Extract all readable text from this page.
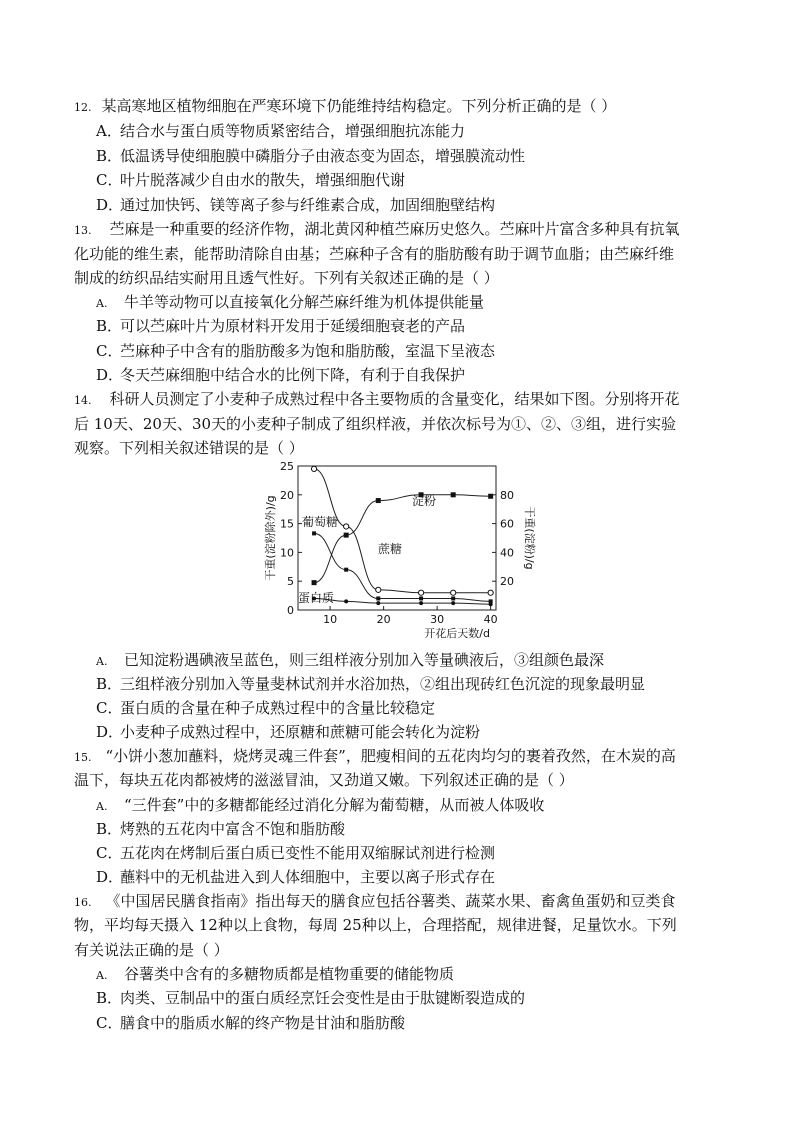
12. 某高寒地区植物细胞在严寒环境下仍能维持结构稳定。下列分析正确的是（ ）
A．结合水与蛋白质等物质紧密结合，增强细胞抗冻能力
B．低温诱导使细胞膜中磷脂分子由液态变为固态，增强膜流动性
C．叶片脱落减少自由水的散失，增强细胞代谢
D．通过加快钙、镁等离子参与纤维素合成，加固细胞壁结构
13. 苎麻是一种重要的经济作物，湖北黄冈种植苎麻历史悠久。苎麻叶片富含多种具有抗氧
化功能的维生素，能帮助清除自由基；苎麻种子含有的脂肪酸有助于调节血脂；由苎麻纤维
制成的纺织品结实耐用且透气性好。下列有关叙述正确的是（ ）
A. 牛羊等动物可以直接氧化分解苎麻纤维为机体提供能量
B．可以苎麻叶片为原材料开发用于延缓细胞衰老的产品
C．苎麻种子中含有的脂肪酸多为饱和脂肪酸，室温下呈液态
D．冬天苎麻细胞中结合水的比例下降，有利于自我保护
14. 科研人员测定了小麦种子成熟过程中各主要物质的含量变化，结果如下图。分别将开花
后 10天、20天、30天的小麦种子制成了组织样液，并依次标号为①、②、③组，进行实验
观察。下列相关叙述错误的是（ ）
0
5
10
15
20
25
20
40
60
80
10	20	30	40
开花后天数/d
干重(淀粉除外)/g	干重(淀粉)/g
淀粉
葡萄糖
蔗糖
蛋白质
A. 已知淀粉遇碘液呈蓝色，则三组样液分别加入等量碘液后，③组颜色最深
B．三组样液分别加入等量斐林试剂并水浴加热，②组出现砖红色沉淀的现象最明显
C．蛋白质的含量在种子成熟过程中的含量比较稳定
D．小麦种子成熟过程中，还原糖和蔗糖可能会转化为淀粉
15. “小饼小葱加蘸料，烧烤灵魂三件套”，肥瘦相间的五花肉均匀的裹着孜然，在木炭的高
温下，每块五花肉都被烤的滋滋冒油，又劲道又嫩。下列叙述正确的是（ ）
A. “三件套”中的多糖都能经过消化分解为葡萄糖，从而被人体吸收
B．烤熟的五花肉中富含不饱和脂肪酸
C．五花肉在烤制后蛋白质已变性不能用双缩脲试剂进行检测
D．蘸料中的无机盐进入到人体细胞中，主要以离子形式存在
16. 《中国居民膳食指南》指出每天的膳食应包括谷薯类、蔬菜水果、畜禽鱼蛋奶和豆类食
物，平均每天摄入 12种以上食物，每周 25种以上，合理搭配，规律进餐，足量饮水。下列
有关说法正确的是（ ）
A. 谷薯类中含有的多糖物质都是植物重要的储能物质
B．肉类、豆制品中的蛋白质经烹饪会变性是由于肽键断裂造成的
C．膳食中的脂质水解的终产物是甘油和脂肪酸
